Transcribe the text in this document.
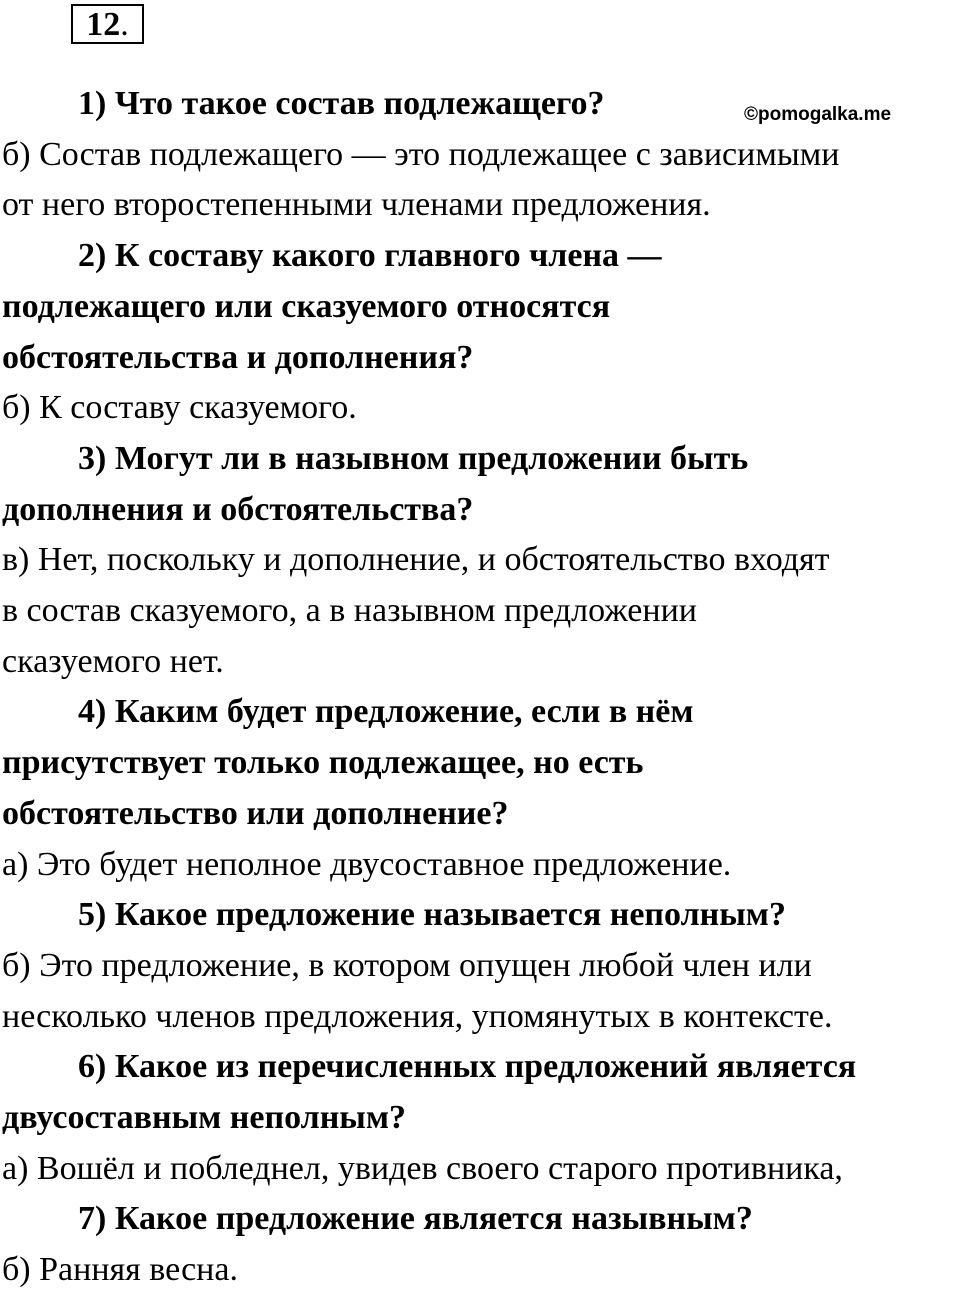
12.
©pomogalka.me

1) Что такое состав подлежащего?

б) Состав подлежащего — это подлежащее с зависимыми
от него второстепенными членами предложения.

2) К составу какого главного члена —
подлежащего или сказуемого относятся
обстоятельства и дополнения?

б) К составу сказуемого.

3) Могут ли в назывном предложении быть
дополнения и обстоятельства?

в) Нет, поскольку и дополнение, и обстоятельство входят
в состав сказуемого, а в назывном предложении
сказуемого нет.

4) Каким будет предложение, если в нём
присутствует только подлежащее, но есть
обстоятельство или дополнение?

а) Это будет неполное двусоставное предложение.

5) Какое предложение называется неполным?

б) Это предложение, в котором опущен любой член или
несколько членов предложения, упомянутых в контексте.

6) Какое из перечисленных предложений является
двусоставным неполным?

а) Вошёл и побледнел, увидев своего старого противника,

7) Какое предложение является назывным?

б) Ранняя весна.
